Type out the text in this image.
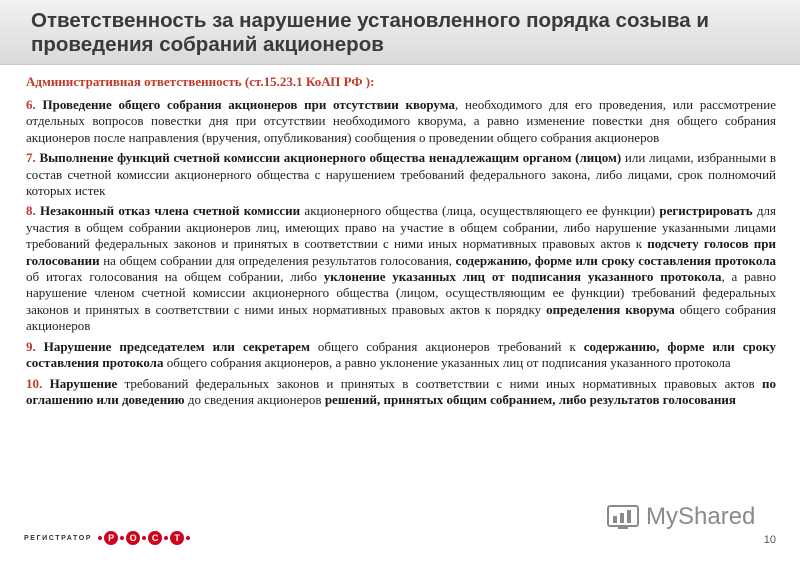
Ответственность за нарушение установленного порядка созыва и проведения собраний акционеров

Административная ответственность (ст.15.23.1 КоАП РФ ):

6. Проведение общего собрания акционеров при отсутствии кворума, необходимого для его проведения, или рассмотрение отдельных вопросов повестки дня при отсутствии необходимого кворума, а равно изменение повестки дня общего собрания акционеров после направления (вручения, опубликования) сообщения о проведении общего собрания акционеров

7. Выполнение функций счетной комиссии акционерного общества ненадлежащим органом (лицом) или лицами, избранными в состав счетной комиссии акционерного общества с нарушением требований федерального закона, либо лицами, срок полномочий которых истек

8. Незаконный отказ члена счетной комиссии акционерного общества (лица, осуществляющего ее функции) регистрировать для участия в общем собрании акционеров лиц, имеющих право на участие в общем собрании, либо нарушение указанными лицами требований федеральных законов и принятых в соответствии с ними иных нормативных правовых актов к подсчету голосов при голосовании на общем собрании для определения результатов голосования, содержанию, форме или сроку составления протокола об итогах голосования на общем собрании, либо уклонение указанных лиц от подписания указанного протокола, а равно нарушение членом счетной комиссии акционерного общества (лицом, осуществляющим ее функции) требований федеральных законов и принятых в соответствии с ними иных нормативных правовых актов к порядку определения кворума общего собрания акционеров

9. Нарушение председателем или секретарем общего собрания акционеров требований к содержанию, форме или сроку составления протокола общего собрания акционеров, а равно уклонение указанных лиц от подписания указанного протокола

10. Нарушение требований федеральных законов и принятых в соответствии с ними иных нормативных правовых актов по оглашению или доведению до сведения акционеров решений, принятых общим собранием, либо результатов голосования

РЕГИСТРАТОР	Р	О	С	Т
MyShared
10
